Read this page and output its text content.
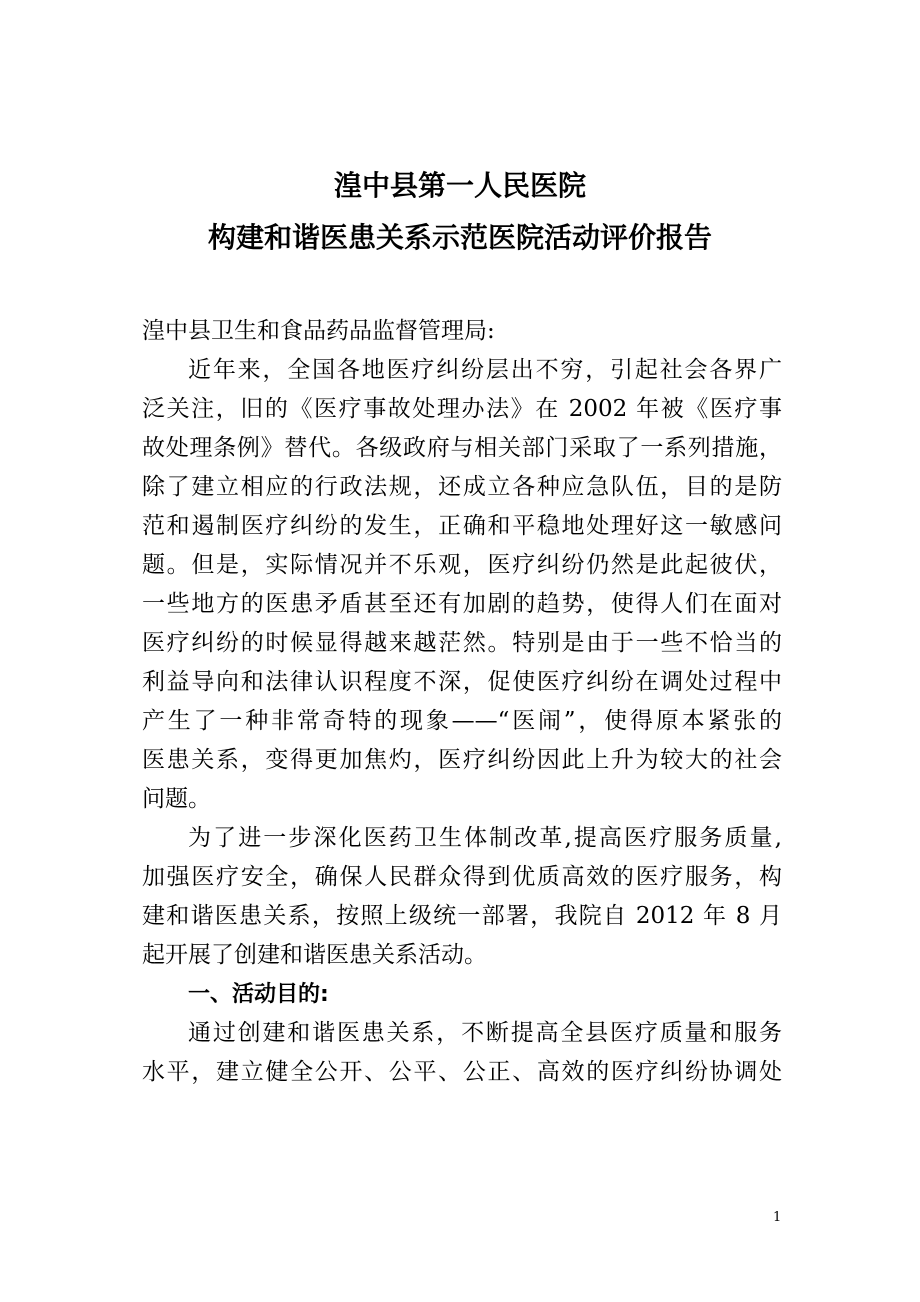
湟中县第一人民医院
构建和谐医患关系示范医院活动评价报告
湟中县卫生和食品药品监督管理局:
近年来，全国各地医疗纠纷层出不穷，引起社会各界广
泛关注，旧的《医疗事故处理办法》在 2002 年被《医疗事
故处理条例》替代。各级政府与相关部门采取了一系列措施，
除了建立相应的行政法规，还成立各种应急队伍，目的是防
范和遏制医疗纠纷的发生，正确和平稳地处理好这一敏感问
题。但是，实际情况并不乐观，医疗纠纷仍然是此起彼伏，
一些地方的医患矛盾甚至还有加剧的趋势，使得人们在面对
医疗纠纷的时候显得越来越茫然。特别是由于一些不恰当的
利益导向和法律认识程度不深，促使医疗纠纷在调处过程中
产生了一种非常奇特的现象——“医闹”，使得原本紧张的
医患关系，变得更加焦灼，医疗纠纷因此上升为较大的社会
问题。
为了进一步深化医药卫生体制改革,提高医疗服务质量,
加强医疗安全，确保人民群众得到优质高效的医疗服务，构
建和谐医患关系，按照上级统一部署，我院自 2012 年 8 月
起开展了创建和谐医患关系活动。
一、活动目的:
通过创建和谐医患关系，不断提高全县医疗质量和服务
水平，建立健全公开、公平、公正、高效的医疗纠纷协调处
1
